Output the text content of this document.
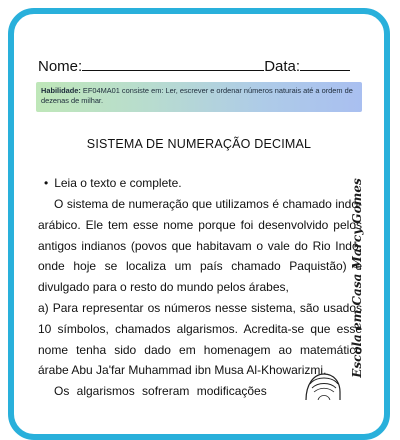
Nome:	Data:
Habilidade: EF04MA01 consiste em: Ler, escrever e ordenar números naturais até a ordem de dezenas de milhar.
SISTEMA DE NUMERAÇÃO DECIMAL
• Leia o texto e complete.

O sistema de numeração que utilizamos é chamado indo-arábico. Ele tem esse nome porque foi desenvolvido pelos antigos indianos (povos que habitavam o vale do Rio Indo, onde hoje se localiza um país chamado Paquistão) e divulgado para o resto do mundo pelos árabes,

a) Para representar os números nesse sistema, são usados 10 símbolos, chamados algarismos. Acredita-se que esse nome tenha sido dado em homenagem ao matemático árabe Abu Ja'far Muhammad ibn Musa Al-Khowarizmi.

Os algarismos sofreram modificações
Escola em Casa Marcy Gomes
